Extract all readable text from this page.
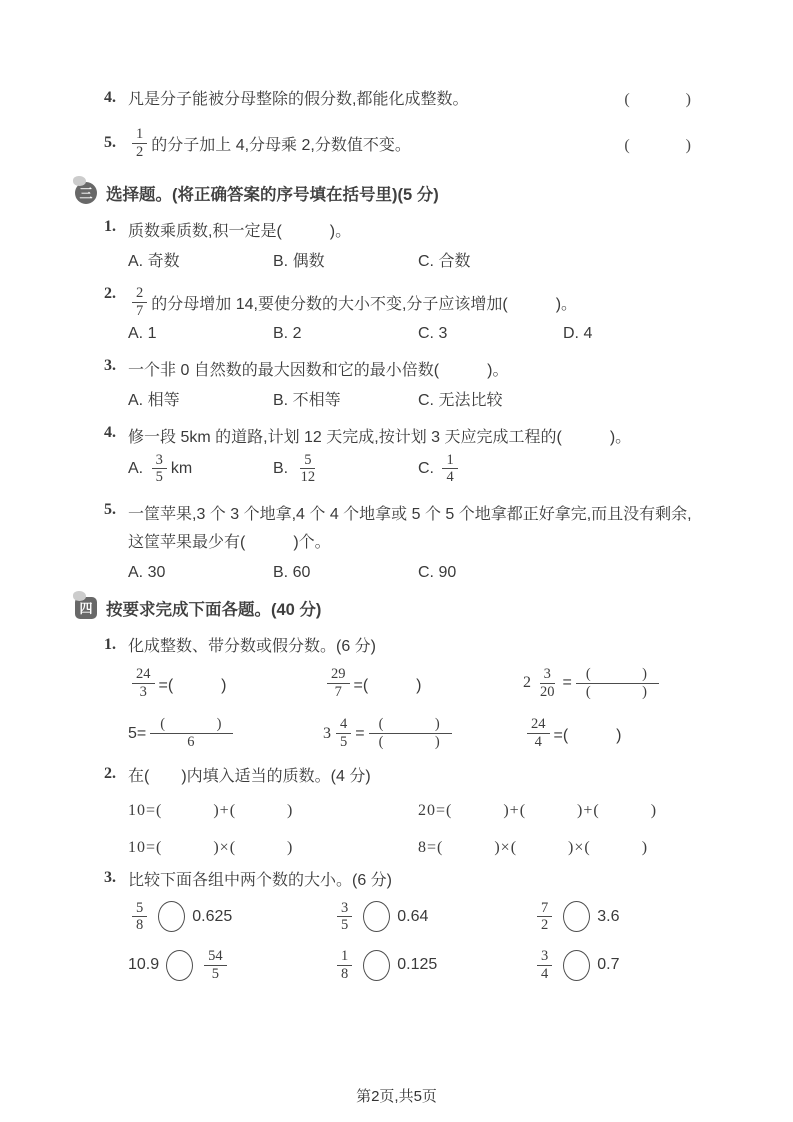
4. 凡是分子能被分母整除的假分数,都能化成整数。	(　　　)
5.	$\frac{1}{2}$ 的分子加上 4,分母乘 2,分数值不变。	(　　　)
三 选择题。(将正确答案的序号填在括号里)(5 分)
1. 质数乘质数,积一定是(　　　)。
A. 奇数	B. 偶数	C. 合数
2.	$\frac{2}{7}$ 的分母增加 14,要使分数的大小不变,分子应该增加(　　　)。
A. 1	B. 2	C. 3	D. 4
3. 一个非 0 自然数的最大因数和它的最小倍数(　　　)。
A. 相等	B. 不相等	C. 无法比较
4. 修一段 5km 的道路,计划 12 天完成,按计划 3 天应完成工程的(　　　)。
A. $\frac{3}{5}$ km	B. $\frac{5}{12}$	C. $\frac{1}{4}$
5. 一筐苹果,3 个 3 个地拿,4 个 4 个地拿或 5 个 5 个地拿都正好拿完,而且没有剩余,这筐苹果最少有(　　　)个。
A. 30	B. 60	C. 90
四 按要求完成下面各题。(40 分)
1. 化成整数、带分数或假分数。(6 分)
$\frac{24}{3}$ =(　　　)	$\frac{29}{7}$ =(　　　)	$2 \frac{3}{20} = \frac{( )}{( )}$
$5= \frac{( )}{6}$	$3 \frac{4}{5} = \frac{( )}{( )}$	$\frac{24}{4}$ =(　　　)
2. 在(　　)内填入适当的质数。(4 分)
10=(　　　)+(　　　)	20=(　　　)+(　　　)+(　　　)
10=(　　　)×(　　　)	8=(　　　)×(　　　)×(　　　)
3. 比较下面各组中两个数的大小。(6 分)
$\frac{5}{8}$	0.625	$\frac{3}{5}$	0.64	$\frac{7}{2}$	3.6
10.9	$\frac{54}{5}$	$\frac{1}{8}$	0.125	$\frac{3}{4}$	0.7
第2页,共5页
